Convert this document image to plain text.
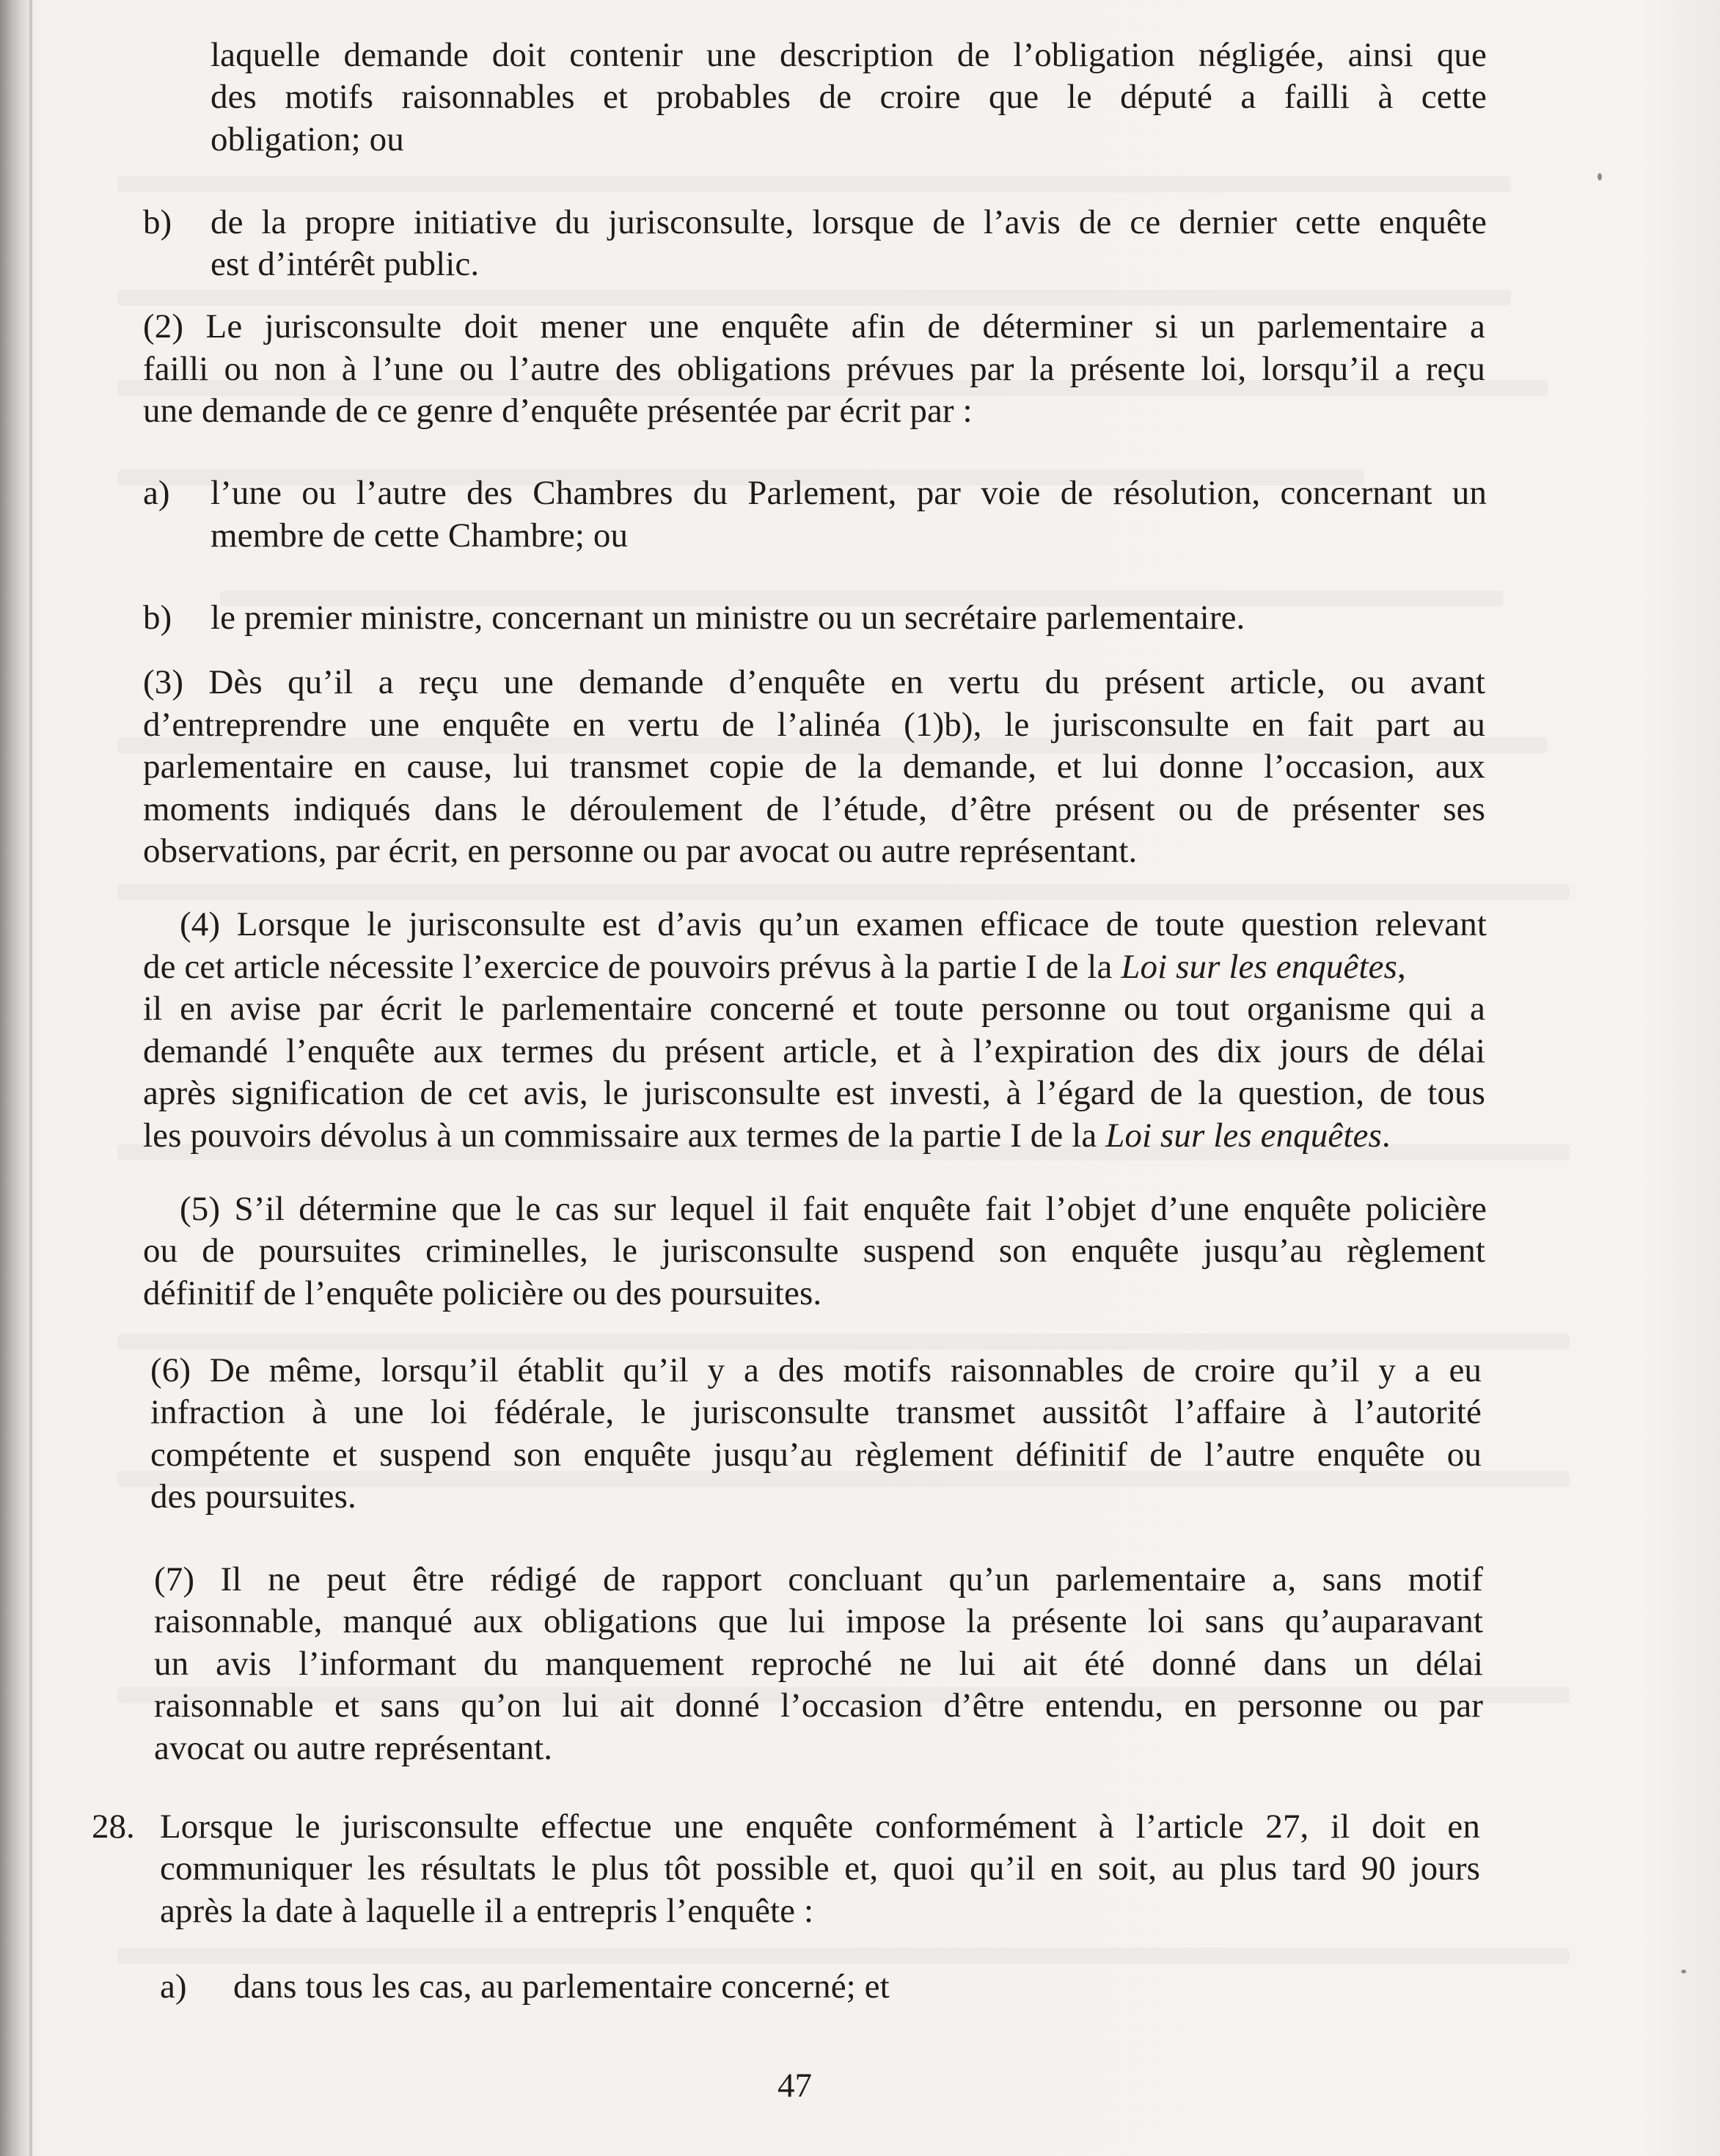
laquelle demande doit contenir une description de l’obligation négligée, ainsi que
des motifs raisonnables et probables de croire que le député a failli à cette
obligation; ou
b) de la propre initiative du jurisconsulte, lorsque de l’avis de ce dernier cette enquête
est d’intérêt public.
(2) Le jurisconsulte doit mener une enquête afin de déterminer si un parlementaire a
failli ou non à l’une ou l’autre des obligations prévues par la présente loi, lorsqu’il a reçu
une demande de ce genre d’enquête présentée par écrit par :
a) l’une ou l’autre des Chambres du Parlement, par voie de résolution, concernant un
membre de cette Chambre; ou
b) le premier ministre, concernant un ministre ou un secrétaire parlementaire.
(3) Dès qu’il a reçu une demande d’enquête en vertu du présent article, ou avant
d’entreprendre une enquête en vertu de l’alinéa (1)b), le jurisconsulte en fait part au
parlementaire en cause, lui transmet copie de la demande, et lui donne l’occasion, aux
moments indiqués dans le déroulement de l’étude, d’être présent ou de présenter ses
observations, par écrit, en personne ou par avocat ou autre représentant.
(4) Lorsque le jurisconsulte est d’avis qu’un examen efficace de toute question relevant
de cet article nécessite l’exercice de pouvoirs prévus à la partie I de la Loi sur les enquêtes,
il en avise par écrit le parlementaire concerné et toute personne ou tout organisme qui a
demandé l’enquête aux termes du présent article, et à l’expiration des dix jours de délai
après signification de cet avis, le jurisconsulte est investi, à l’égard de la question, de tous
les pouvoirs dévolus à un commissaire aux termes de la partie I de la Loi sur les enquêtes.
(5) S’il détermine que le cas sur lequel il fait enquête fait l’objet d’une enquête policière
ou de poursuites criminelles, le jurisconsulte suspend son enquête jusqu’au règlement
définitif de l’enquête policière ou des poursuites.
(6) De même, lorsqu’il établit qu’il y a des motifs raisonnables de croire qu’il y a eu
infraction à une loi fédérale, le jurisconsulte transmet aussitôt l’affaire à l’autorité
compétente et suspend son enquête jusqu’au règlement définitif de l’autre enquête ou
des poursuites.
(7) Il ne peut être rédigé de rapport concluant qu’un parlementaire a, sans motif
raisonnable, manqué aux obligations que lui impose la présente loi sans qu’auparavant
un avis l’informant du manquement reproché ne lui ait été donné dans un délai
raisonnable et sans qu’on lui ait donné l’occasion d’être entendu, en personne ou par
avocat ou autre représentant.
28. Lorsque le jurisconsulte effectue une enquête conformément à l’article 27, il doit en
communiquer les résultats le plus tôt possible et, quoi qu’il en soit, au plus tard 90 jours
après la date à laquelle il a entrepris l’enquête :
a) dans tous les cas, au parlementaire concerné; et
47
